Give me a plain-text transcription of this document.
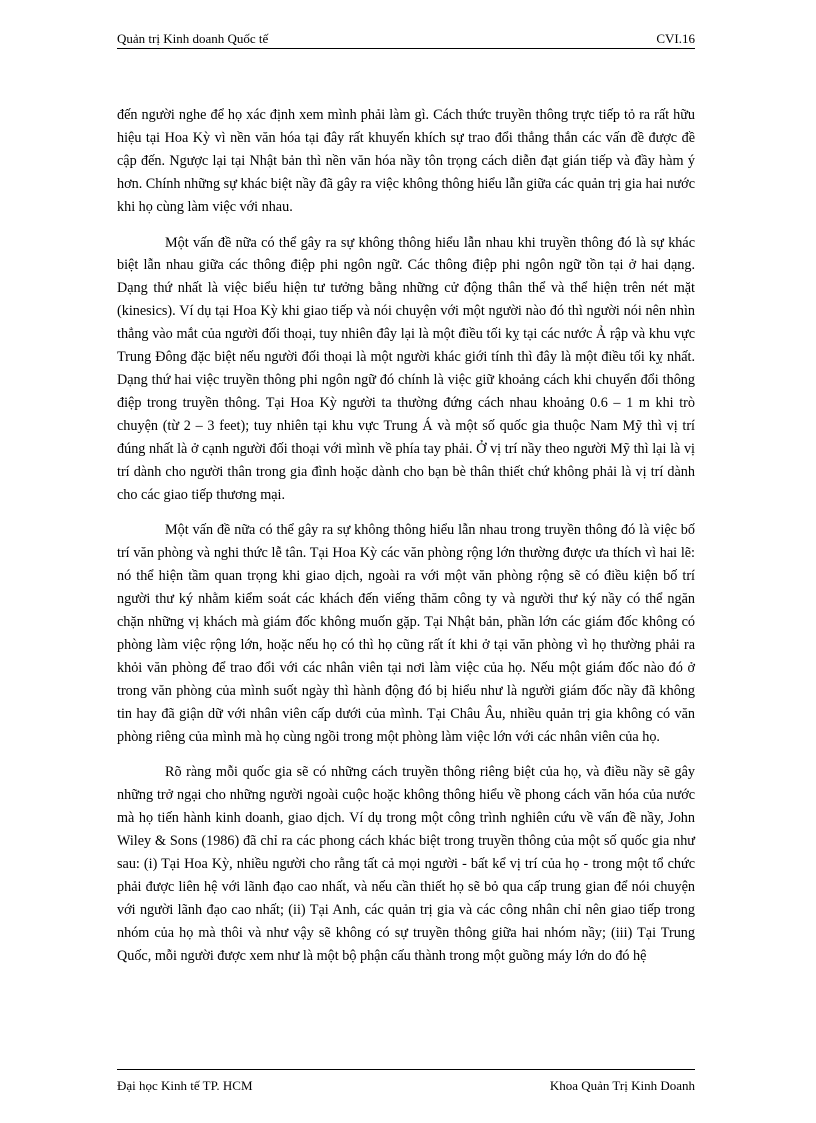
Quản trị Kinh doanh Quốc tế	CVI.16

đến người nghe để họ xác định xem mình phải làm gì. Cách thức truyền thông trực tiếp tỏ ra rất hữu hiệu tại Hoa Kỳ vì nền văn hóa tại đây rất khuyến khích sự trao đổi thẳng thắn các vấn đề được đề cập đến. Ngược lại tại Nhật bản thì nền văn hóa nầy tôn trọng cách diễn đạt gián tiếp và đầy hàm ý hơn. Chính những sự khác biệt nầy đã gây ra việc không thông hiểu lẫn giữa các quản trị gia hai nước khi họ cùng làm việc với nhau.

Một vấn đề nữa có thể gây ra sự không thông hiểu lẫn nhau khi truyền thông đó là sự khác biệt lẫn nhau giữa các thông điệp phi ngôn ngữ. Các thông điệp phi ngôn ngữ tồn tại ở hai dạng. Dạng thứ nhất là việc biểu hiện tư tưởng bằng những cử động thân thể và thể hiện trên nét mặt (kinesics). Ví dụ tại Hoa Kỳ khi giao tiếp và nói chuyện với một người nào đó thì người nói nên nhìn thẳng vào mắt của người đối thoại, tuy nhiên đây lại là một điều tối kỵ tại các nước Ả rập và khu vực Trung Đông đặc biệt nếu người đối thoại là một người khác giới tính thì đây là một điều tối kỵ nhất. Dạng thứ hai việc truyền thông phi ngôn ngữ đó chính là việc giữ khoảng cách khi chuyển đổi thông điệp trong truyền thông. Tại Hoa Kỳ người ta thường đứng cách nhau khoảng 0.6 – 1 m khi trò chuyện (từ 2 – 3 feet); tuy nhiên tại khu vực Trung Á và một số quốc gia thuộc Nam Mỹ thì vị trí đúng nhất là ở cạnh người đối thoại với mình về phía tay phải. Ở vị trí nầy theo người Mỹ thì lại là vị trí dành cho người thân trong gia đình hoặc dành cho bạn bè thân thiết chứ không phải là vị trí dành cho các giao tiếp thương mại.

Một vấn đề nữa có thể gây ra sự không thông hiểu lẫn nhau trong truyền thông đó là việc bố trí văn phòng và nghi thức lễ tân. Tại Hoa Kỳ các văn phòng rộng lớn thường được ưa thích vì hai lẽ: nó thể hiện tầm quan trọng khi giao dịch, ngoài ra với một văn phòng rộng sẽ có điều kiện bố trí người thư ký nhằm kiểm soát các khách đến viếng thăm công ty và người thư ký nầy có thể ngăn chặn những vị khách mà giám đốc không muốn gặp. Tại Nhật bản, phần lớn các giám đốc không có phòng làm việc rộng lớn, hoặc nếu họ có thì họ cũng rất ít khi ở tại văn phòng vì họ thường phải ra khỏi văn phòng để trao đổi với các nhân viên tại nơi làm việc của họ. Nếu một giám đốc nào đó ở trong văn phòng của mình suốt ngày thì hành động đó bị hiểu như là người giám đốc nầy đã không tin hay đã giận dữ với nhân viên cấp dưới của mình. Tại Châu Âu, nhiều quản trị gia không có văn phòng riêng của mình mà họ cùng ngồi trong một phòng làm việc lớn với các nhân viên của họ.

Rõ ràng mỗi quốc gia sẽ có những cách truyền thông riêng biệt của họ, và điều nầy sẽ gây những trở ngại cho những người ngoài cuộc hoặc không thông hiểu về phong cách văn hóa của nước mà họ tiến hành kinh doanh, giao dịch. Ví dụ trong một công trình nghiên cứu về vấn đề nầy, John Wiley & Sons (1986) đã chỉ ra các phong cách khác biệt trong truyền thông của một số quốc gia như sau: (i) Tại Hoa Kỳ, nhiều người cho rằng tất cả mọi người - bất kể vị trí của họ - trong một tổ chức phải được liên hệ với lãnh đạo cao nhất, và nếu cần thiết họ sẽ bỏ qua cấp trung gian để nói chuyện với người lãnh đạo cao nhất; (ii) Tại Anh, các quản trị gia và các công nhân chỉ nên giao tiếp trong nhóm của họ mà thôi và như vậy sẽ không có sự truyền thông giữa hai nhóm nầy; (iii) Tại Trung Quốc, mỗi người được xem như là một bộ phận cấu thành trong một guồng máy lớn do đó hệ

Đại học Kinh tế TP. HCM	Khoa Quản Trị Kinh Doanh
